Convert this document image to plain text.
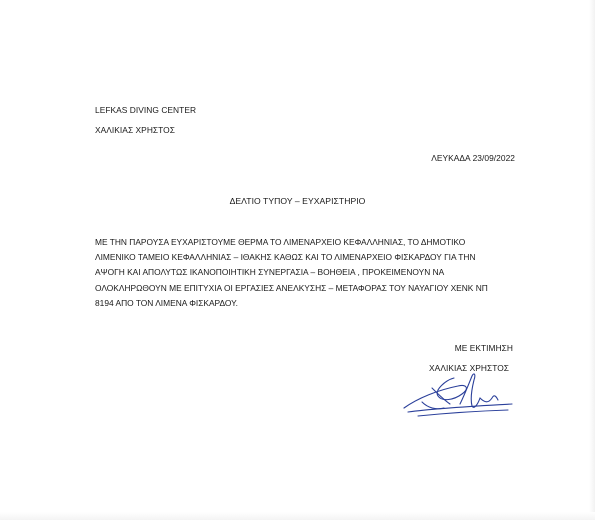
LEFKAS DIVING CENTER
ΧΑΛΙΚΙΑΣ ΧΡΗΣΤΟΣ
ΛΕΥΚΑΔΑ 23/09/2022
ΔΕΛΤΙΟ ΤΥΠΟΥ – ΕΥΧΑΡΙΣΤΗΡΙΟ
ΜΕ ΤΗΝ ΠΑΡΟΥΣΑ ΕΥΧΑΡΙΣΤΟΥΜΕ ΘΕΡΜΑ ΤΟ ΛΙΜΕΝΑΡΧΕΙΟ ΚΕΦΑΛΛΗΝΙΑΣ, ΤΟ ΔΗΜΟΤΙΚΟ
ΛΙΜΕΝΙΚΟ ΤΑΜΕΙΟ ΚΕΦΑΛΛΗΝΙΑΣ – ΙΘΑΚΗΣ ΚΑΘΩΣ ΚΑΙ ΤΟ ΛΙΜΕΝΑΡΧΕΙΟ ΦΙΣΚΑΡΔΟΥ ΓΙΑ ΤΗΝ
ΑΨΟΓΗ ΚΑΙ ΑΠΟΛΥΤΩΣ ΙΚΑΝΟΠΟΙΗΤΙΚΗ ΣΥΝΕΡΓΑΣΙΑ – ΒΟΗΘΕΙΑ , ΠΡΟΚΕΙΜΕΝΟΥΝ ΝΑ
ΟΛΟΚΛΗΡΩΘΟΥΝ ΜΕ ΕΠΙΤΥΧΙΑ ΟΙ ΕΡΓΑΣΙΕΣ ΑΝΕΛΚΥΣΗΣ – ΜΕΤΑΦΟΡΑΣ ΤΟΥ ΝΑΥΑΓΙΟΥ ΧΕΝΚ ΝΠ
8194 ΑΠΟ ΤΟΝ ΛΙΜΕΝΑ ΦΙΣΚΑΡΔΟΥ.
ΜΕ ΕΚΤΙΜΗΣΗ
ΧΑΛΙΚΙΑΣ ΧΡΗΣΤΟΣ
